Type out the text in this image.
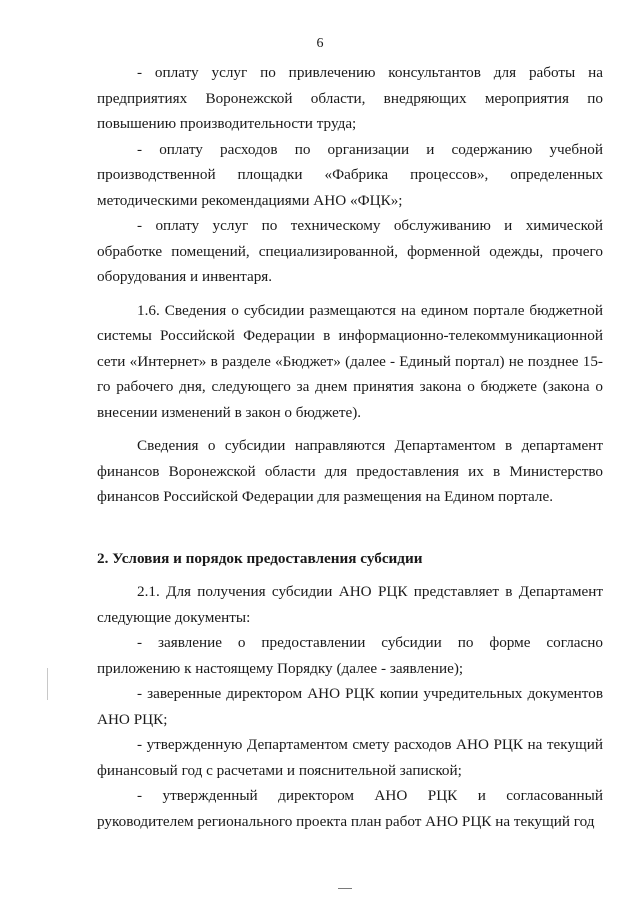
6

- оплату услуг по привлечению консультантов для работы на предприятиях Воронежской области, внедряющих мероприятия по повышению производительности труда;

- оплату расходов по организации и содержанию учебной производственной площадки «Фабрика процессов», определенных методическими рекомендациями АНО «ФЦК»;

- оплату услуг по техническому обслуживанию и химической обработке помещений, специализированной, форменной одежды, прочего оборудования и инвентаря.

1.6. Сведения о субсидии размещаются на едином портале бюджетной системы Российской Федерации в информационно-телекоммуникационной сети «Интернет» в разделе «Бюджет» (далее - Единый портал) не позднее 15-го рабочего дня, следующего за днем принятия закона о бюджете (закона о внесении изменений в закон о бюджете).

Сведения о субсидии направляются Департаментом в департамент финансов Воронежской области для предоставления их в Министерство финансов Российской Федерации для размещения на Едином портале.

2. Условия и порядок предоставления субсидии

2.1. Для получения субсидии АНО РЦК представляет в Департамент следующие документы:

- заявление о предоставлении субсидии по форме согласно приложению к настоящему Порядку (далее - заявление);

- заверенные директором АНО РЦК копии учредительных документов АНО РЦК;

- утвержденную Департаментом смету расходов АНО РЦК на текущий финансовый год с расчетами и пояснительной запиской;

- утвержденный директором АНО РЦК и согласованный руководителем регионального проекта план работ АНО РЦК на текущий год
